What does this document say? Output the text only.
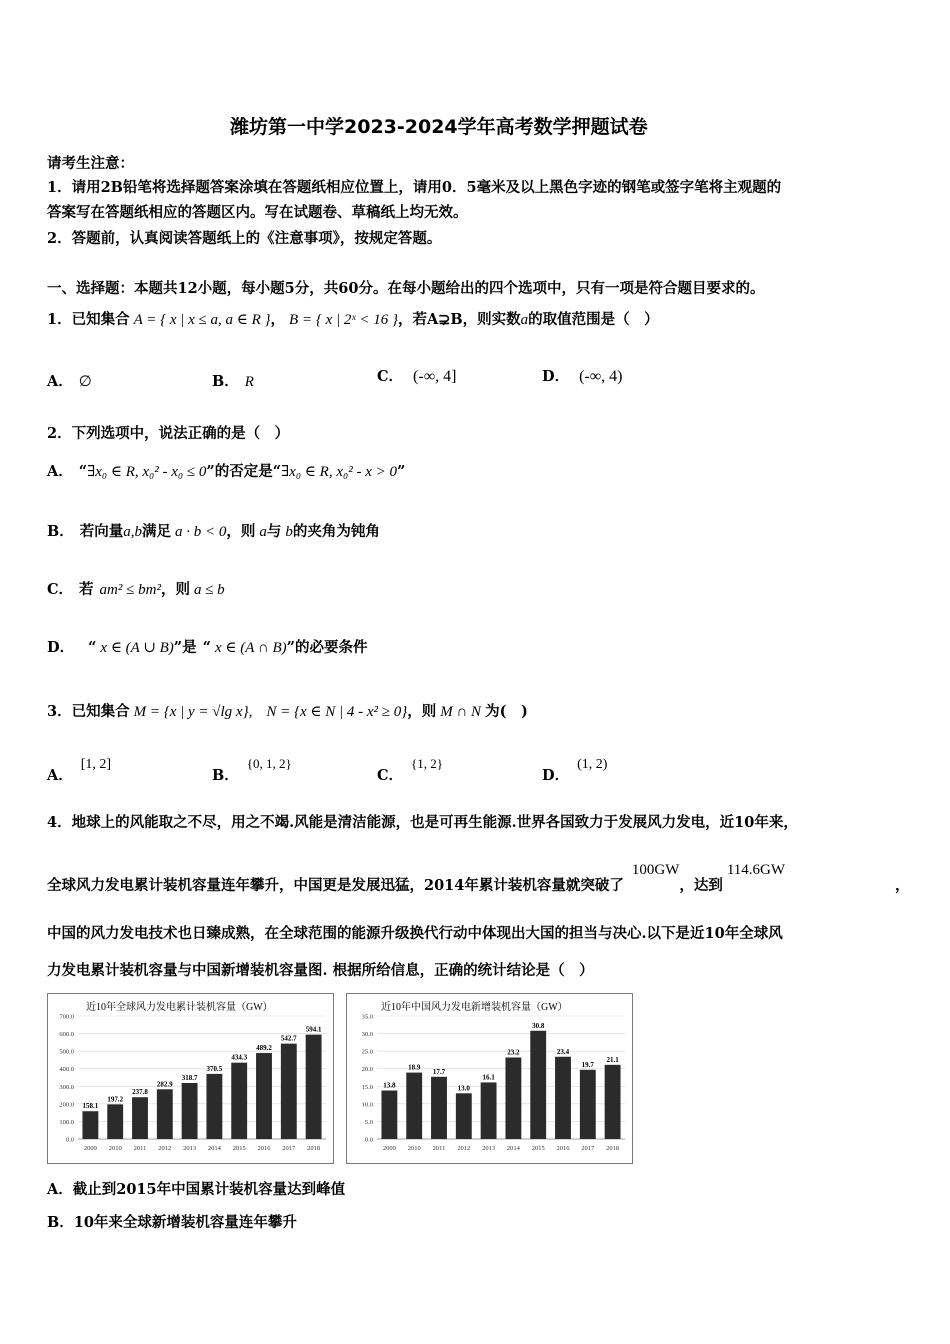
潍坊第一中学2023-2024学年高考数学押题试卷
请考生注意：
1．请用2B铅笔将选择题答案涂填在答题纸相应位置上，请用0．5毫米及以上黑色字迹的钢笔或签字笔将主观题的
答案写在答题纸相应的答题区内。写在试题卷、草稿纸上均无效。
2．答题前，认真阅读答题纸上的《注意事项》，按规定答题。
一、选择题：本题共12小题，每小题5分，共60分。在每小题给出的四个选项中，只有一项是符合题目要求的。
1．已知集合 A = { x | x ≤ a, a ∈ R }， B = { x | 2ˣ < 16 }，若A⊋B，则实数a的取值范围是（　）
A． ∅	B． R	C． (-∞, 4]	D． (-∞, 4)
2．下列选项中，说法正确的是（　）
A． “∃x₀ ∈ R, x₀² - x₀ ≤ 0”的否定是“∃x₀ ∈ R, x₀² - x > 0”
B． 若向量a,b满足 a · b < 0，则 a与 b的夹角为钝角
C． 若 am² ≤ bm²，则 a ≤ b
D． “ x ∈ (A ∪ B)”是 “ x ∈ (A ∩ B)”的必要条件
3．已知集合 M = {x | y = √lg x}, N = {x ∈ N | 4 - x² ≥ 0}，则 M ∩ N 为(　)
A．[1, 2]
B．{0, 1, 2}
C．{1, 2}
D．(1, 2)
4．地球上的风能取之不尽，用之不竭.风能是清洁能源，也是可再生能源.世界各国致力于发展风力发电，近10年来，
全球风力发电累计装机容量连年攀升，中国更是发展迅猛，2014年累计装机容量就突破了100GW，达到114.6GW
，
中国的风力发电技术也日臻成熟，在全球范围的能源升级换代行动中体现出大国的担当与决心.以下是近10年全球风
力发电累计装机容量与中国新增装机容量图. 根据所给信息，正确的统计结论是（　）
近10年全球风力发电累计装机容量（GW）
0.0
100.0
200.0
300.0
400.0
500.0
600.0
700.0
158.1
2009
197.2
2010
237.8
2011
282.9
2012
318.7
2013
370.5
2014
434.3
2015
489.2
2016
542.7
2017
594.1
2018
近10年中国风力发电新增装机容量（GW）
0.0
5.0
10.0
15.0
20.0
25.0
30.0
35.0
13.8
2009
18.9
2010
17.7
2011
13.0
2012
16.1
2013
23.2
2014
30.8
2015
23.4
2016
19.7
2017
21.1
2018
A．截止到2015年中国累计装机容量达到峰值
B．10年来全球新增装机容量连年攀升
